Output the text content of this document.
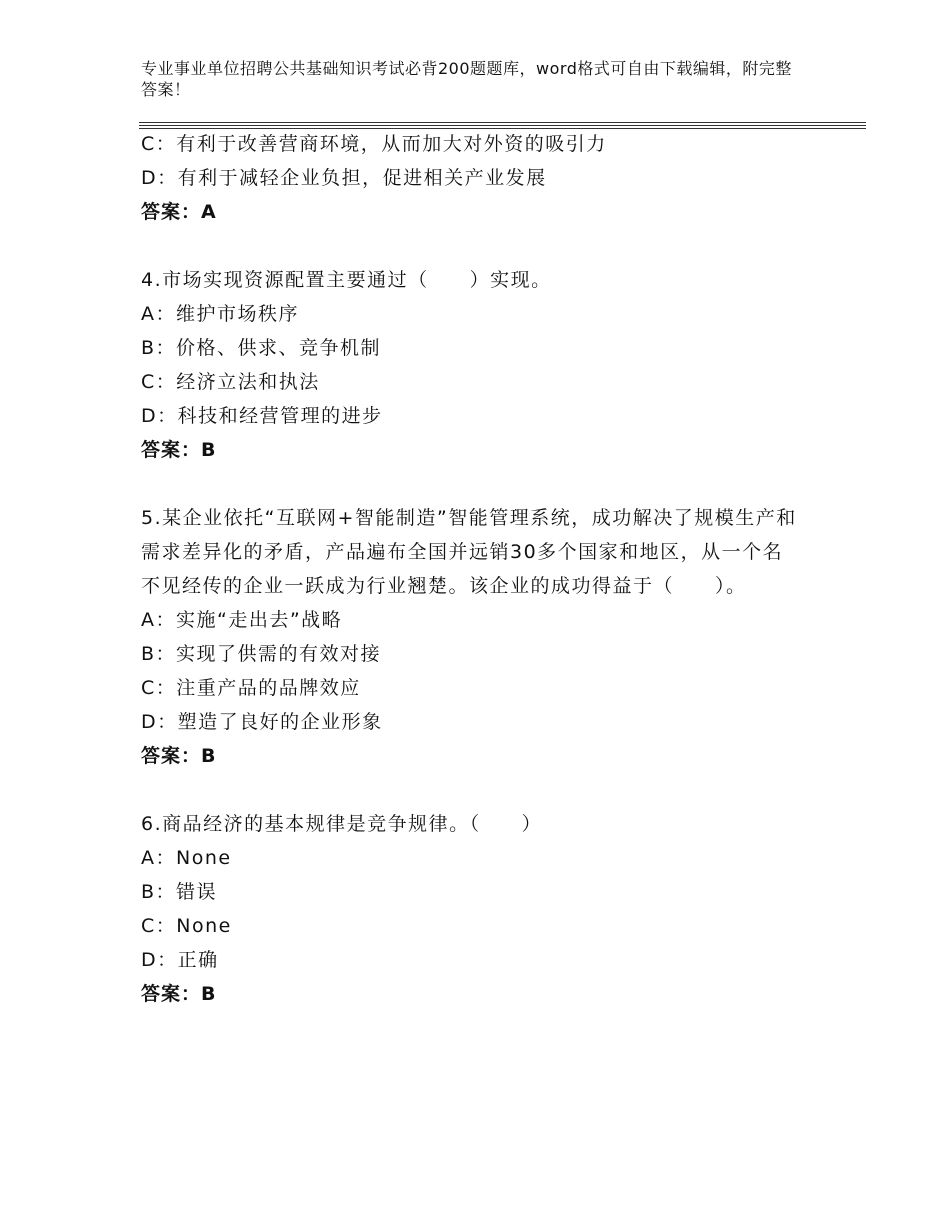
专业事业单位招聘公共基础知识考试必背200题题库，word格式可自由下载编辑，附完整答案！
C：有利于改善营商环境，从而加大对外资的吸引力
D：有利于减轻企业负担，促进相关产业发展
答案：A
4.市场实现资源配置主要通过（　　）实现。
A：维护市场秩序
B：价格、供求、竞争机制
C：经济立法和执法
D：科技和经营管理的进步
答案：B
5.某企业依托“互联网+智能制造”智能管理系统，成功解决了规模生产和需求差异化的矛盾，产品遍布全国并远销30多个国家和地区，从一个名不见经传的企业一跃成为行业翘楚。该企业的成功得益于（　　）。
A：实施“走出去”战略
B：实现了供需的有效对接
C：注重产品的品牌效应
D：塑造了良好的企业形象
答案：B
6.商品经济的基本规律是竞争规律。（　　）
A：None
B：错误
C：None
D：正确
答案：B
